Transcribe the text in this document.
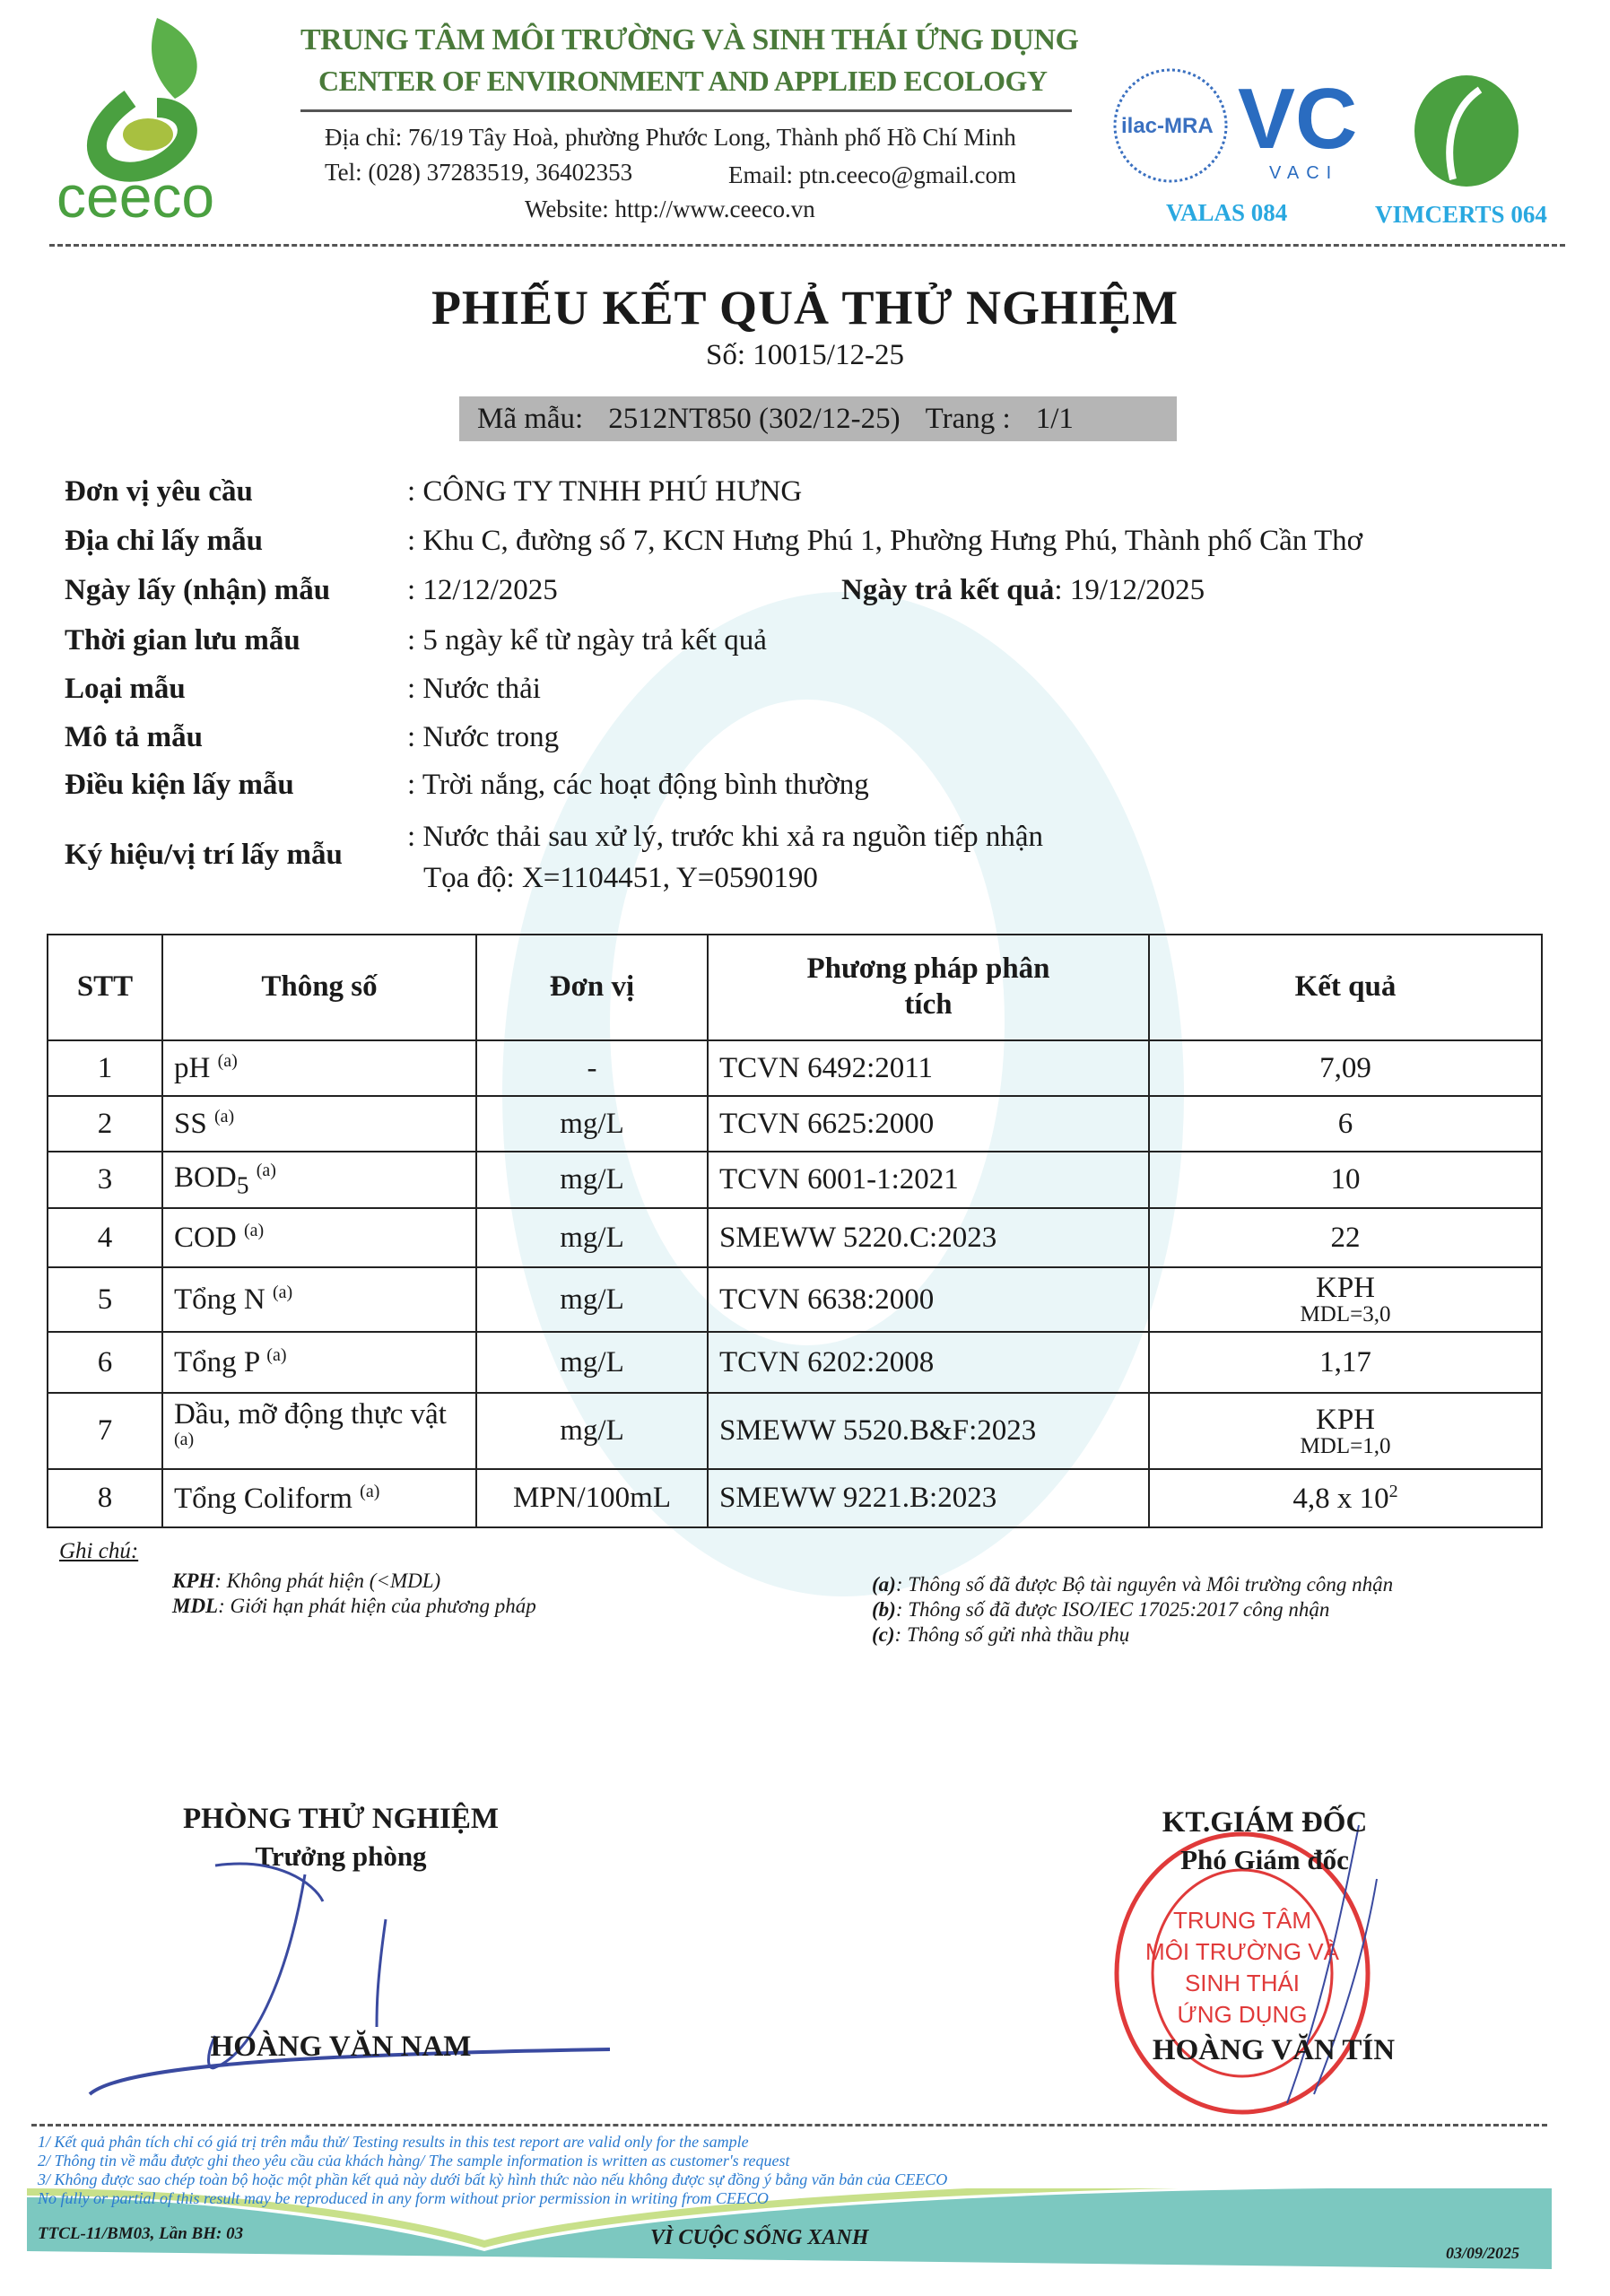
ceeco
TRUNG TÂM MÔI TRƯỜNG VÀ SINH THÁI ỨNG DỤNG
CENTER OF ENVIRONMENT AND APPLIED ECOLOGY
Địa chỉ: 76/19 Tây Hoà, phường Phước Long, Thành phố Hồ Chí Minh
Tel: (028) 37283519, 36402353	Email: ptn.ceeco@gmail.com
Website: http://www.ceeco.vn
ilac-MRA VC
VACI
VALAS 084	VIMCERTS 064
PHIẾU KẾT QUẢ THỬ NGHIỆM
Số: 10015/12-25
Mã mẫu: 2512NT850 (302/12-25) Trang : 1/1
Đơn vị yêu cầu	: CÔNG TY TNHH PHÚ HƯNG
Địa chỉ lấy mẫu	: Khu C, đường số 7, KCN Hưng Phú 1, Phường Hưng Phú, Thành phố Cần Thơ
Ngày lấy (nhận) mẫu	: 12/12/2025	Ngày trả kết quả: 19/12/2025
Thời gian lưu mẫu	: 5 ngày kể từ ngày trả kết quả
Loại mẫu	: Nước thải
Mô tả mẫu	: Nước trong
Điều kiện lấy mẫu	: Trời nắng, các hoạt động bình thường
Ký hiệu/vị trí lấy mẫu
: Nước thải sau xử lý, trước khi xả ra nguồn tiếp nhận
Tọa độ: X=1104451, Y=0590190
STT	Thông số	Đơn vị	Phương pháp phân tích	Kết quả
1	pH $^{(a)}$	-	TCVN 6492:2011	7,09
2	SS $^{(a)}$	mg/L	TCVN 6625:2000	6
3	$BOD_5$ $^{(a)}$	mg/L	TCVN 6001-1:2021	10
4	COD $^{(a)}$	mg/L	SMEWW 5220.C:2023	22
5	Tổng N $^{(a)}$	mg/L	TCVN 6638:2000	KPH
MDL=3,0

6	Tổng P $^{(a)}$	mg/L	TCVN 6202:2008	1,17
7	Dầu, mỡ động thực vật $^{(a)}$	mg/L	SMEWW 5520.B&F:2023	KPH
MDL=1,0

8	Tổng Coliform $^{(a)}$	MPN/100mL	SMEWW 9221.B:2023	4,8 x $10^2$
Ghi chú:
KPH: Không phát hiện (<MDL)
MDL: Giới hạn phát hiện của phương pháp
(a): Thông số đã được Bộ tài nguyên và Môi trường công nhận
(b): Thông số đã được ISO/IEC 17025:2017 công nhận
(c): Thông số gửi nhà thầu phụ
PHÒNG THỬ NGHIỆM
Trưởng phòng
HOÀNG VĂN NAM
TRUNG TÂM
MÔI TRƯỜNG VÀ
SINH THÁI
ỨNG DỤNG
KT.GIÁM ĐỐC
Phó Giám đốc
HOÀNG VĂN TÍN
1/ Kết quả phân tích chỉ có giá trị trên mẫu thử/ Testing results in this test report are valid only for the sample
2/ Thông tin về mẫu được ghi theo yêu cầu của khách hàng/ The sample information is written as customer's request
3/ Không được sao chép toàn bộ hoặc một phần kết quả này dưới bất kỳ hình thức nào nếu không được sự đồng ý bằng văn bản của CEECO
No fully or partial of this result may be reproduced in any form without prior permission in writing from CEECO
TTCL-11/BM03, Lần BH: 03	VÌ CUỘC SỐNG XANH
03/09/2025
